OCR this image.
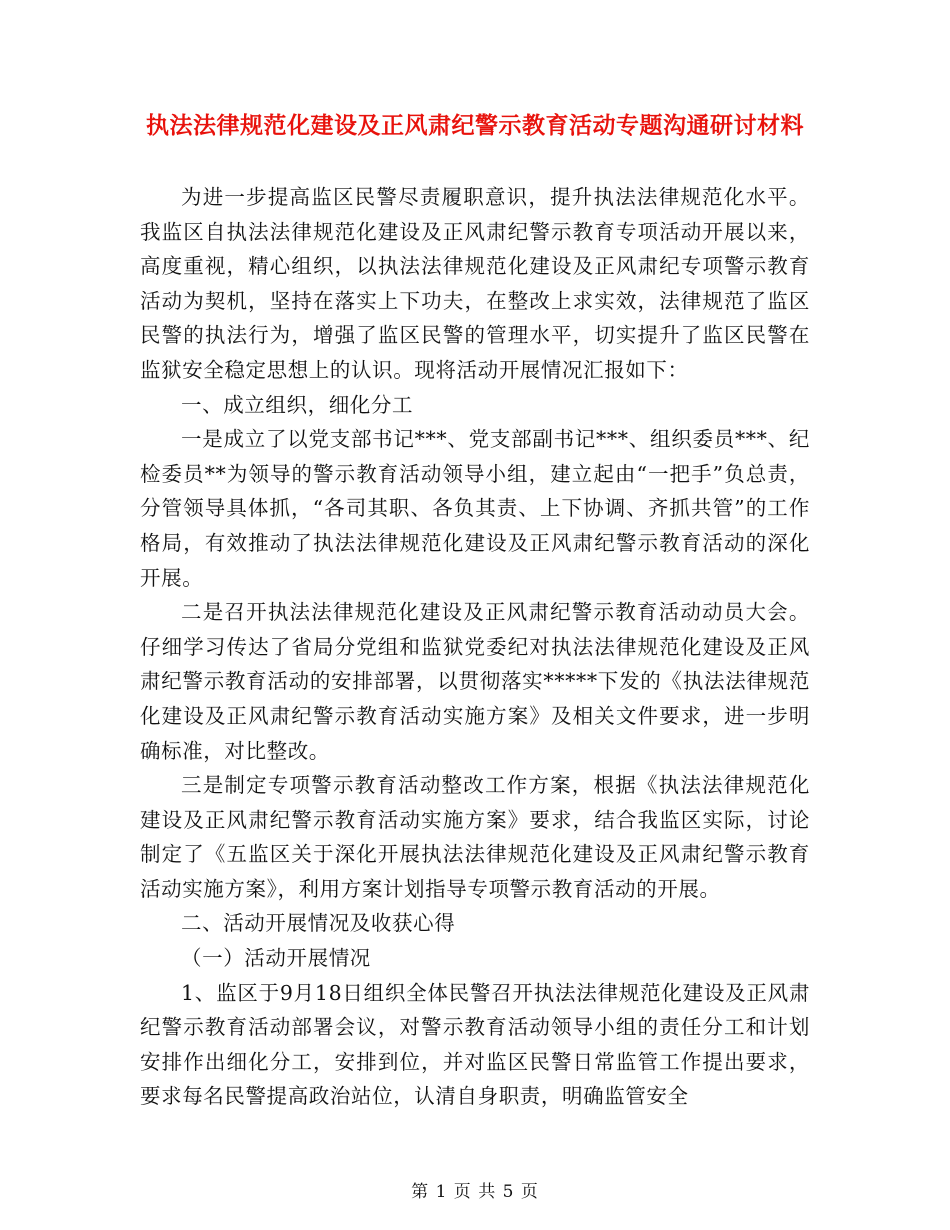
执法法律规范化建设及正风肃纪警示教育活动专题沟通研讨材料

为进一步提高监区民警尽责履职意识，提升执法法律规范化水平。我监区自执法法律规范化建设及正风肃纪警示教育专项活动开展以来，高度重视，精心组织，以执法法律规范化建设及正风肃纪专项警示教育活动为契机，坚持在落实上下功夫，在整改上求实效，法律规范了监区民警的执法行为，增强了监区民警的管理水平，切实提升了监区民警在监狱安全稳定思想上的认识。现将活动开展情况汇报如下：

一、成立组织，细化分工

一是成立了以党支部书记***、党支部副书记***、组织委员***、纪检委员**为领导的警示教育活动领导小组，建立起由“一把手”负总责，分管领导具体抓，“各司其职、各负其责、上下协调、齐抓共管”的工作格局，有效推动了执法法律规范化建设及正风肃纪警示教育活动的深化开展。

二是召开执法法律规范化建设及正风肃纪警示教育活动动员大会。仔细学习传达了省局分党组和监狱党委纪对执法法律规范化建设及正风肃纪警示教育活动的安排部署，以贯彻落实*****下发的《执法法律规范化建设及正风肃纪警示教育活动实施方案》及相关文件要求，进一步明确标准，对比整改。

三是制定专项警示教育活动整改工作方案，根据《执法法律规范化建设及正风肃纪警示教育活动实施方案》要求，结合我监区实际，讨论制定了《五监区关于深化开展执法法律规范化建设及正风肃纪警示教育活动实施方案》，利用方案计划指导专项警示教育活动的开展。

二、活动开展情况及收获心得

（一）活动开展情况

1、监区于9月18日组织全体民警召开执法法律规范化建设及正风肃纪警示教育活动部署会议，对警示教育活动领导小组的责任分工和计划安排作出细化分工，安排到位，并对监区民警日常监管工作提出要求，要求每名民警提高政治站位，认清自身职责，明确监管安全

第 1 页 共 5 页
